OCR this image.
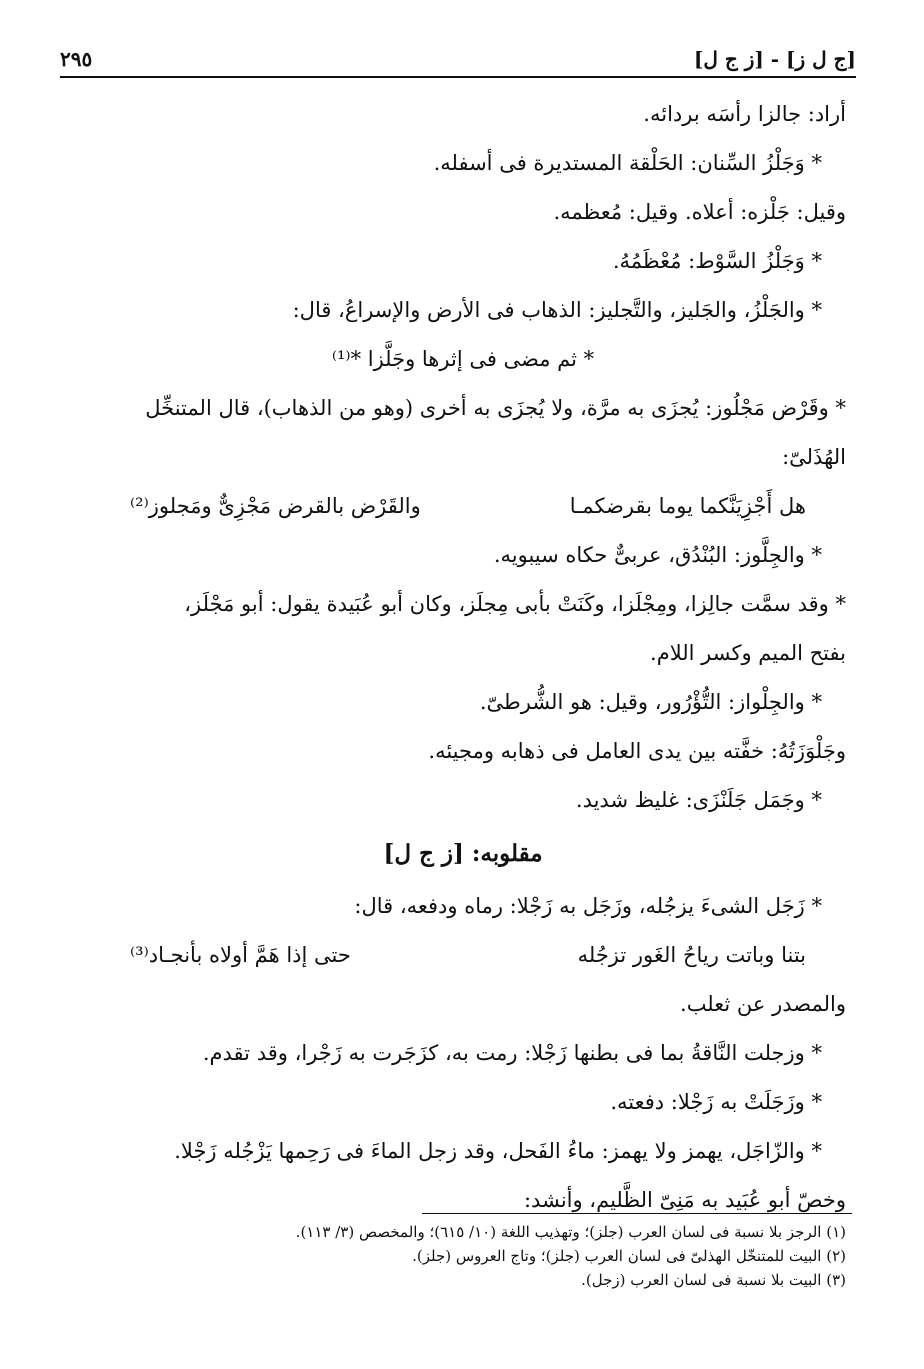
[ج ل ز] - [ز ج ل]
٢٩٥
أراد: جالزا رأسَه بردائه.
* وَجَلْزُ السِّنان: الحَلْقة المستديرة فى أسفله.
وقيل: جَلْزه: أعلاه. وقيل: مُعظمه.
* وَجَلْزُ السَّوْط: مُعْظَمُهُ.
* والجَلْزُ، والجَليز، والتَّجليز: الذهاب فى الأرض والإسراعُ، قال:
* ثم مضى فى إثرها وجَلَّزا *⁽¹⁾
* وقَرْض مَجْلُوز: يُجزَى به مرَّة، ولا يُجزَى به أخرى (وهو من الذهاب)، قال المتنخِّل
الهُذَلىّ:
هل أَجْزِيَنَّكما يوما بقرضكمـا
والقَرْض بالقرض مَجْزِىٌّ ومَجلوز⁽²⁾
* والجِلَّوز: البُنْدُق، عربىٌّ حكاه سيبويه.
* وقد سمَّت جالِزا، ومِجْلَزا، وكَنَتْ بأبى مِجلَز، وكان أبو عُبَيدة يقول: أبو مَجْلَز،
بفتح الميم وكسر اللام.
* والجِلْواز: التُّؤْرُور، وقيل: هو الشُّرطىّ.
وجَلْوَزَتُهُ: خفَّته بين يدى العامل فى ذهابه ومجيئه.
* وجَمَل جَلَنْزَى: غليظ شديد.
مقلوبه: [ز ج ل]
* زَجَل الشىءَ يزجُله، وزَجَل به زَجْلا: رماه ودفعه، قال:
بتنا وباتت رياحُ الغَور تزجُله
حتى إذا هَمَّ أولاه بأنجـاد⁽³⁾
والمصدر عن ثعلب.
* وزجلت النَّاقةُ بما فى بطنها زَجْلا: رمت به، كزَجَرت به زَجْرا، وقد تقدم.
* وزَجَلَتْ به زَجْلا: دفعته.
* والزّاجَل، يهمز ولا يهمز: ماءُ الفَحل، وقد زجل الماءَ فى رَحِمها يَزْجُله زَجْلا.
وخصّ أبو عُبَيد به مَنِىّ الظَّليم، وأنشد:
(١) الرجز بلا نسبة فى لسان العرب (جلز)؛ وتهذيب اللغة (١٠/ ٦١٥)؛ والمخصص (٣/ ١١٣).
(٢) البيت للمتنخّل الهذلىّ فى لسان العرب (جلز)؛ وتاج العروس (جلز).
(٣) البيت بلا نسبة فى لسان العرب (زجل).
